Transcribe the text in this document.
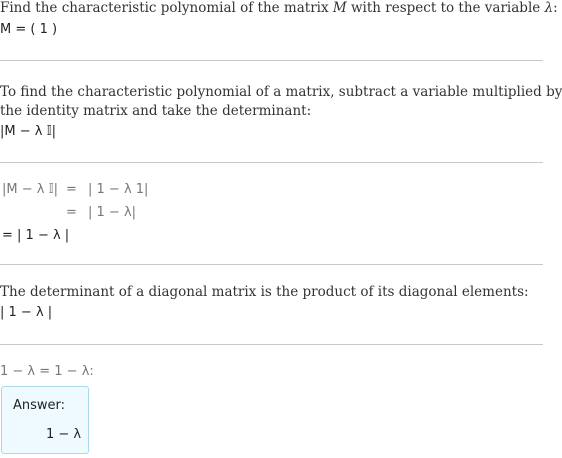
Find the characteristic polynomial of the matrix M with respect to the variable λ:
M = ( 1 )
To find the characteristic polynomial of a matrix, subtract a variable multiplied by
the identity matrix and take the determinant:
|M − λ 𝕀|
|M − λ 𝕀| = | 1 − λ 1|
= | 1 − λ|
= | 1 − λ |
The determinant of a diagonal matrix is the product of its diagonal elements:
| 1 − λ |
1 − λ = 1 − λ:
Answer:
1 − λ
